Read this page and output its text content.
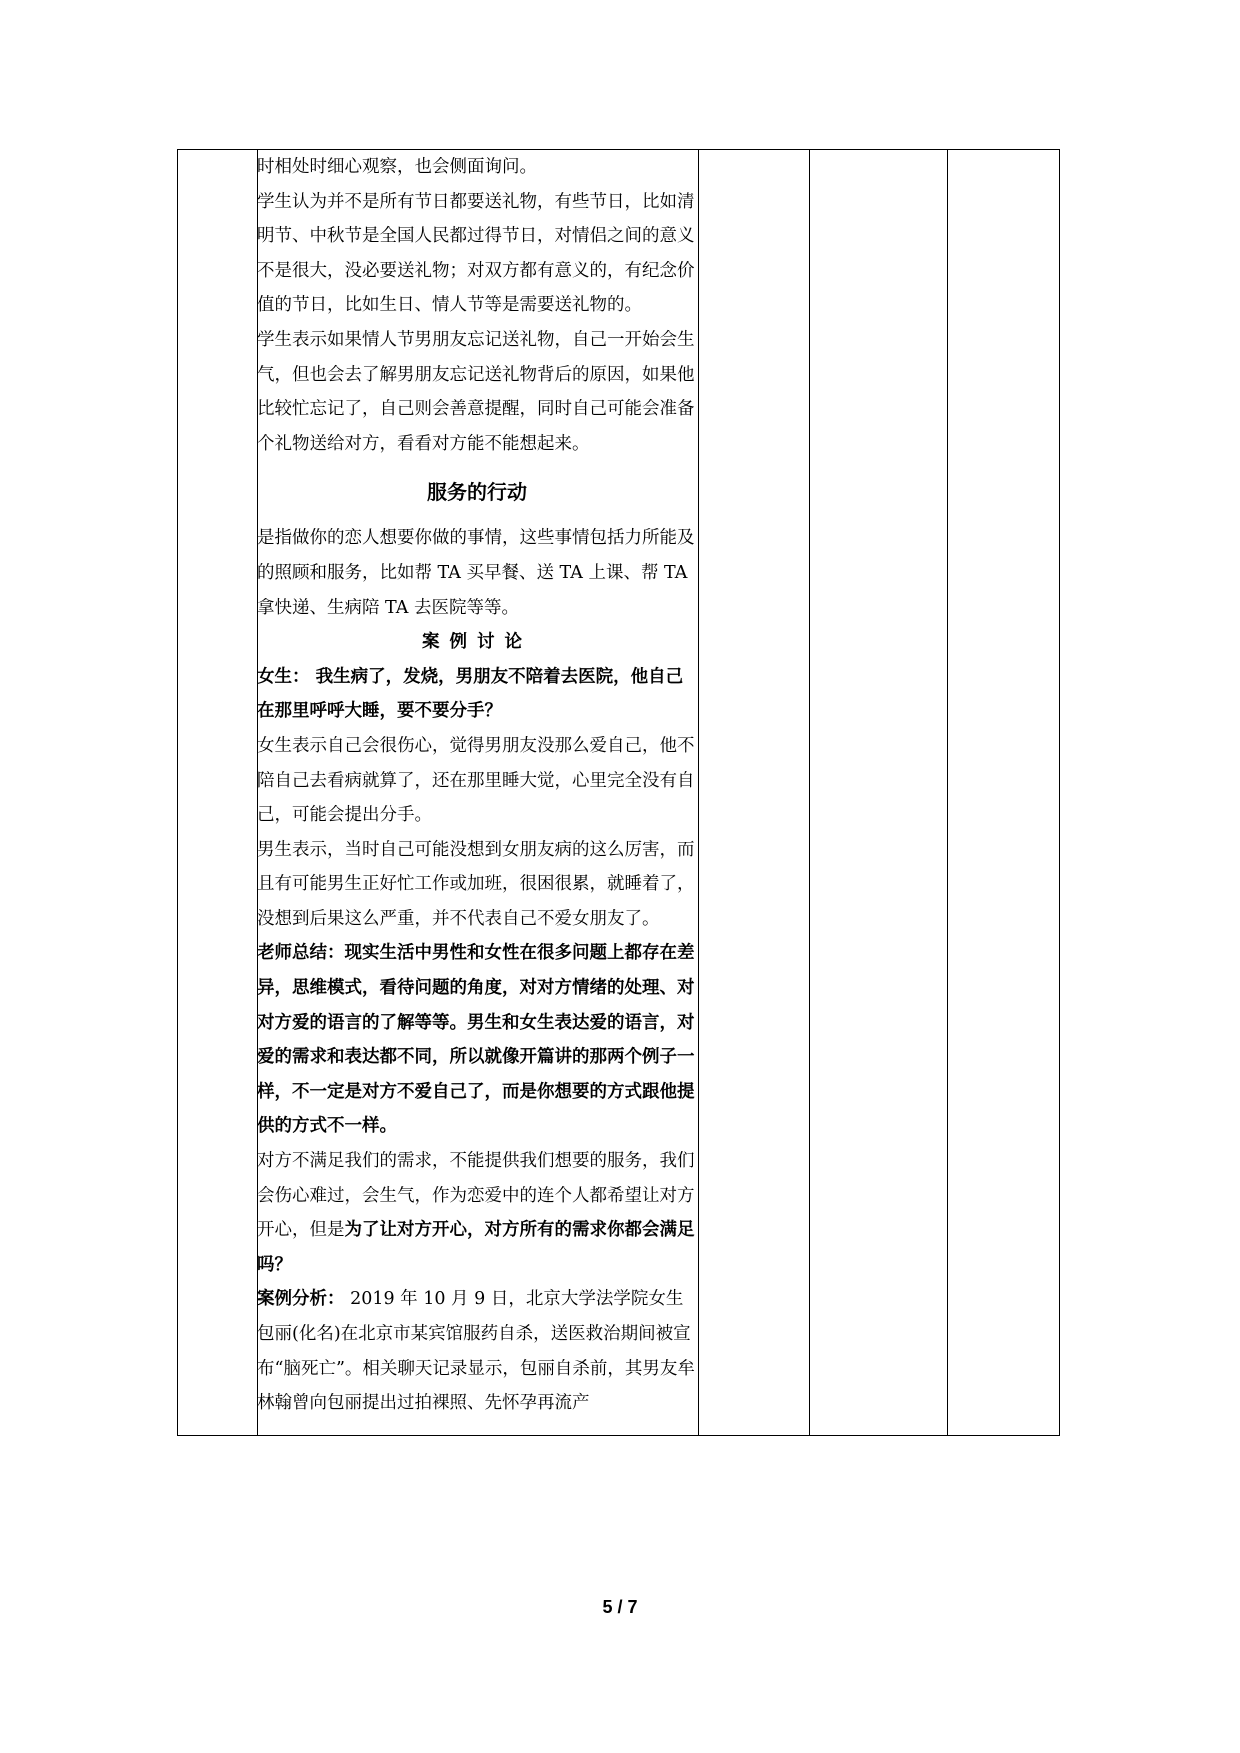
时相处时细心观察，也会侧面询问。

学生认为并不是所有节日都要送礼物，有些节日，比如清明节、中秋节是全国人民都过得节日，对情侣之间的意义不是很大，没必要送礼物；对双方都有意义的，有纪念价值的节日，比如生日、情人节等是需要送礼物的。

学生表示如果情人节男朋友忘记送礼物，自己一开始会生气，但也会去了解男朋友忘记送礼物背后的原因，如果他比较忙忘记了，自己则会善意提醒，同时自己可能会准备个礼物送给对方，看看对方能不能想起来。

服务的行动

是指做你的恋人想要你做的事情，这些事情包括力所能及的照顾和服务，比如帮 TA 买早餐、送 TA 上课、帮 TA 拿快递、生病陪 TA 去医院等等。

案例讨论

女生： 我生病了，发烧，男朋友不陪着去医院，他自己在那里呼呼大睡，要不要分手？

女生表示自己会很伤心，觉得男朋友没那么爱自己，他不陪自己去看病就算了，还在那里睡大觉，心里完全没有自己，可能会提出分手。

男生表示，当时自己可能没想到女朋友病的这么厉害，而且有可能男生正好忙工作或加班，很困很累，就睡着了，没想到后果这么严重，并不代表自己不爱女朋友了。

老师总结：现实生活中男性和女性在很多问题上都存在差异，思维模式，看待问题的角度，对对方情绪的处理、对对方爱的语言的了解等等。男生和女生表达爱的语言，对爱的需求和表达都不同，所以就像开篇讲的那两个例子一样，不一定是对方不爱自己了，而是你想要的方式跟他提供的方式不一样。

对方不满足我们的需求，不能提供我们想要的服务，我们会伤心难过，会生气，作为恋爱中的连个人都希望让对方开心，但是为了让对方开心，对方所有的需求你都会满足吗？

案例分析： 2019 年 10 月 9 日，北京大学法学院女生包丽(化名)在北京市某宾馆服药自杀，送医救治期间被宣布“脑死亡”。相关聊天记录显示，包丽自杀前，其男友牟林翰曾向包丽提出过拍裸照、先怀孕再流产

5 / 7
